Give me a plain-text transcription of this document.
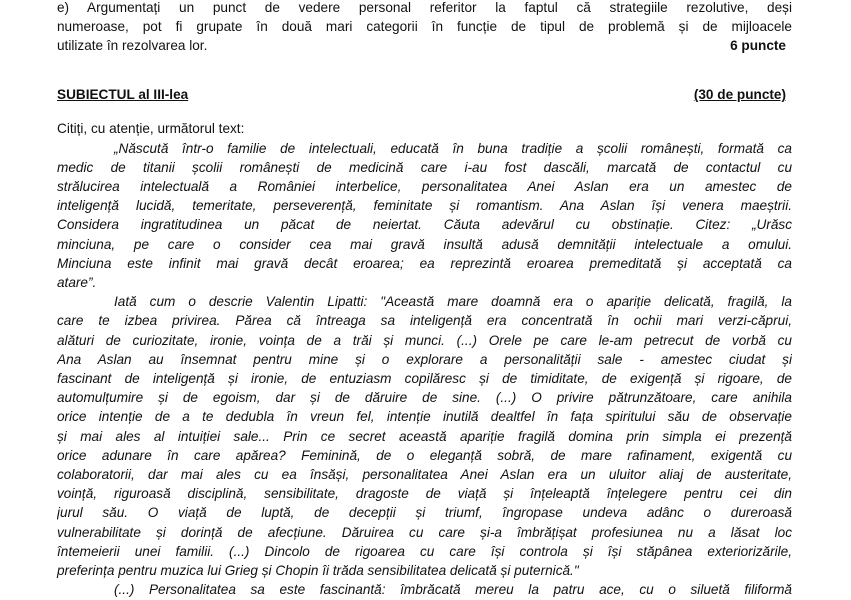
e) Argumentați un punct de vedere personal referitor la faptul că strategiile rezolutive, deși
numeroase, pot fi grupate în două mari categorii în funcție de tipul de problemă și de mijloacele
utilizate în rezolvarea lor.	6 puncte
SUBIECTUL al III-lea	(30 de puncte)
Citiți, cu atenție, următorul text:
„Născută într-o familie de intelectuali, educată în buna tradiție a școlii românești, formată ca
medic de titanii școlii românești de medicină care i-au fost dascăli, marcată de contactul cu
strălucirea intelectuală a României interbelice, personalitatea Anei Aslan era un amestec de
inteligență lucidă, temeritate, perseverență, feminitate și romantism. Ana Aslan își venera maeștrii.
Considera ingratitudinea un păcat de neiertat. Căuta adevărul cu obstinație. Citez: „Urăsc
minciuna, pe care o consider cea mai gravă insultă adusă demnității intelectuale a omului.
Minciuna este infinit mai gravă decât eroarea; ea reprezintă eroarea premeditată și acceptată ca
atare”.
Iată cum o descrie Valentin Lipatti: "Această mare doamnă era o apariție delicată, fragilă, la
care te izbea privirea. Părea că întreaga sa inteligență era concentrată în ochii mari verzi-căprui,
alături de curiozitate, ironie, voința de a trăi și munci. (...) Orele pe care le-am petrecut de vorbă cu
Ana Aslan au însemnat pentru mine și o explorare a personalității sale - amestec ciudat și
fascinant de inteligență și ironie, de entuziasm copilăresc și de timiditate, de exigență și rigoare, de
automulțumire și de egoism, dar și de dăruire de sine. (...) O privire pătrunzătoare, care anihila
orice intenție de a te dedubla în vreun fel, intenție inutilă dealtfel în fața spiritului său de observație
și mai ales al intuiției sale... Prin ce secret această apariție fragilă domina prin simpla ei prezență
orice adunare în care apărea? Feminină, de o eleganță sobră, de mare rafinament, exigentă cu
colaboratorii, dar mai ales cu ea însăși, personalitatea Anei Aslan era un uluitor aliaj de austeritate,
voință, riguroasă disciplină, sensibilitate, dragoste de viață și înțeleaptă înțelegere pentru cei din
jurul său. O viață de luptă, de decepții și triumf, îngropase undeva adânc o dureroasă
vulnerabilitate și dorință de afecțiune. Dăruirea cu care și-a îmbrățișat profesiunea nu a lăsat loc
întemeierii unei familii. (...) Dincolo de rigoarea cu care își controla și își stăpânea exteriorizările,
preferința pentru muzica lui Grieg și Chopin îi trăda sensibilitatea delicată și puternică."
(...) Personalitatea sa este fascinantă: îmbrăcată mereu la patru ace, cu o siluetă filiformă
